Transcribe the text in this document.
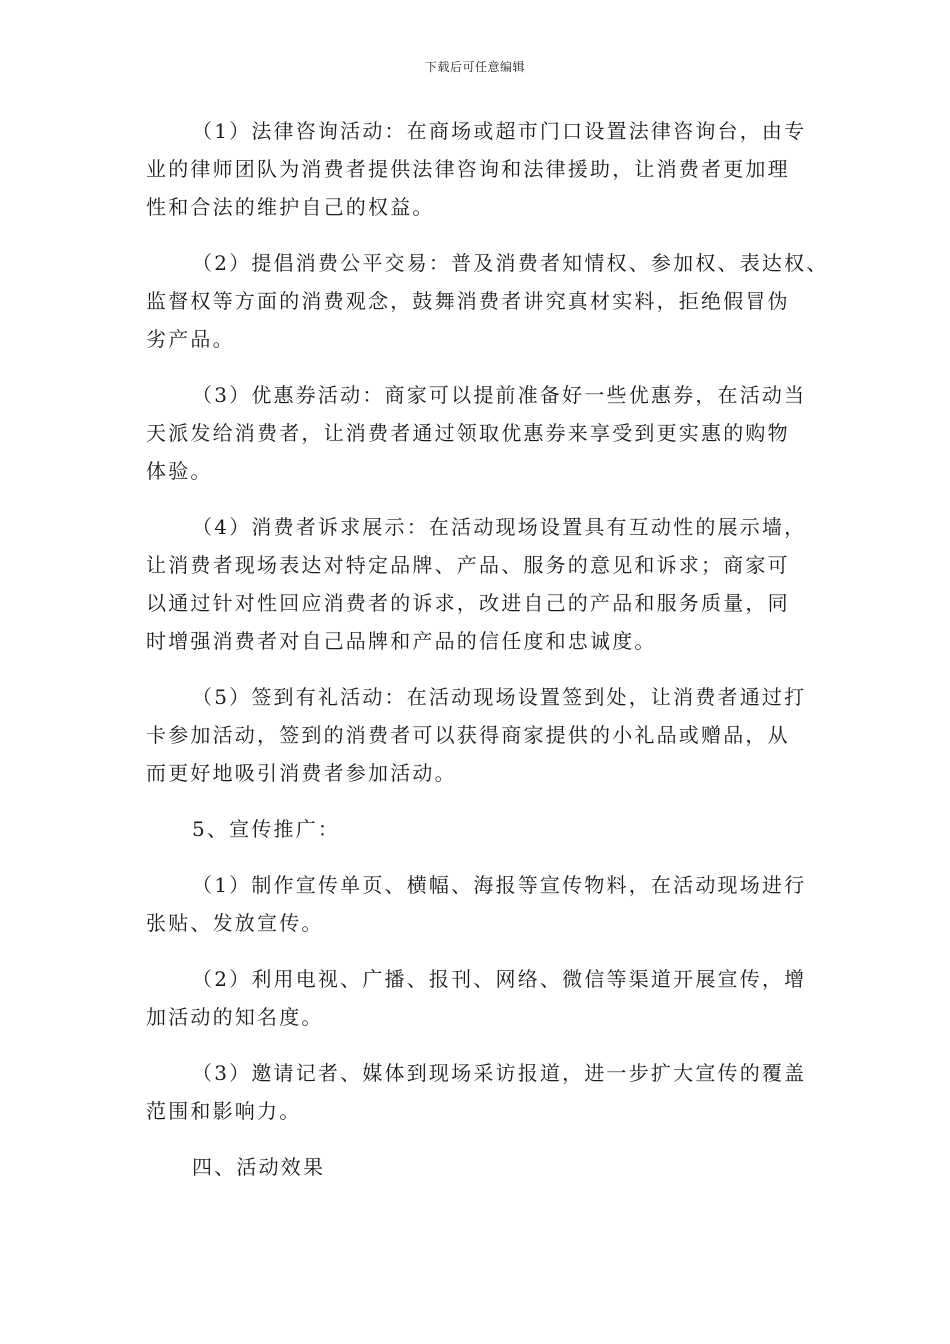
下载后可任意编辑

（1）法律咨询活动：在商场或超市门口设置法律咨询台，由专
业的律师团队为消费者提供法律咨询和法律援助，让消费者更加理
性和合法的维护自己的权益。

（2）提倡消费公平交易：普及消费者知情权、参加权、表达权、
监督权等方面的消费观念，鼓舞消费者讲究真材实料，拒绝假冒伪
劣产品。

（3）优惠券活动：商家可以提前准备好一些优惠券，在活动当
天派发给消费者，让消费者通过领取优惠券来享受到更实惠的购物
体验。

（4）消费者诉求展示：在活动现场设置具有互动性的展示墙，
让消费者现场表达对特定品牌、产品、服务的意见和诉求；商家可
以通过针对性回应消费者的诉求，改进自己的产品和服务质量，同
时增强消费者对自己品牌和产品的信任度和忠诚度。

（5）签到有礼活动：在活动现场设置签到处，让消费者通过打
卡参加活动，签到的消费者可以获得商家提供的小礼品或赠品，从
而更好地吸引消费者参加活动。

5、宣传推广：

（1）制作宣传单页、横幅、海报等宣传物料，在活动现场进行
张贴、发放宣传。

（2）利用电视、广播、报刊、网络、微信等渠道开展宣传，增
加活动的知名度。

（3）邀请记者、媒体到现场采访报道，进一步扩大宣传的覆盖
范围和影响力。

四、活动效果
